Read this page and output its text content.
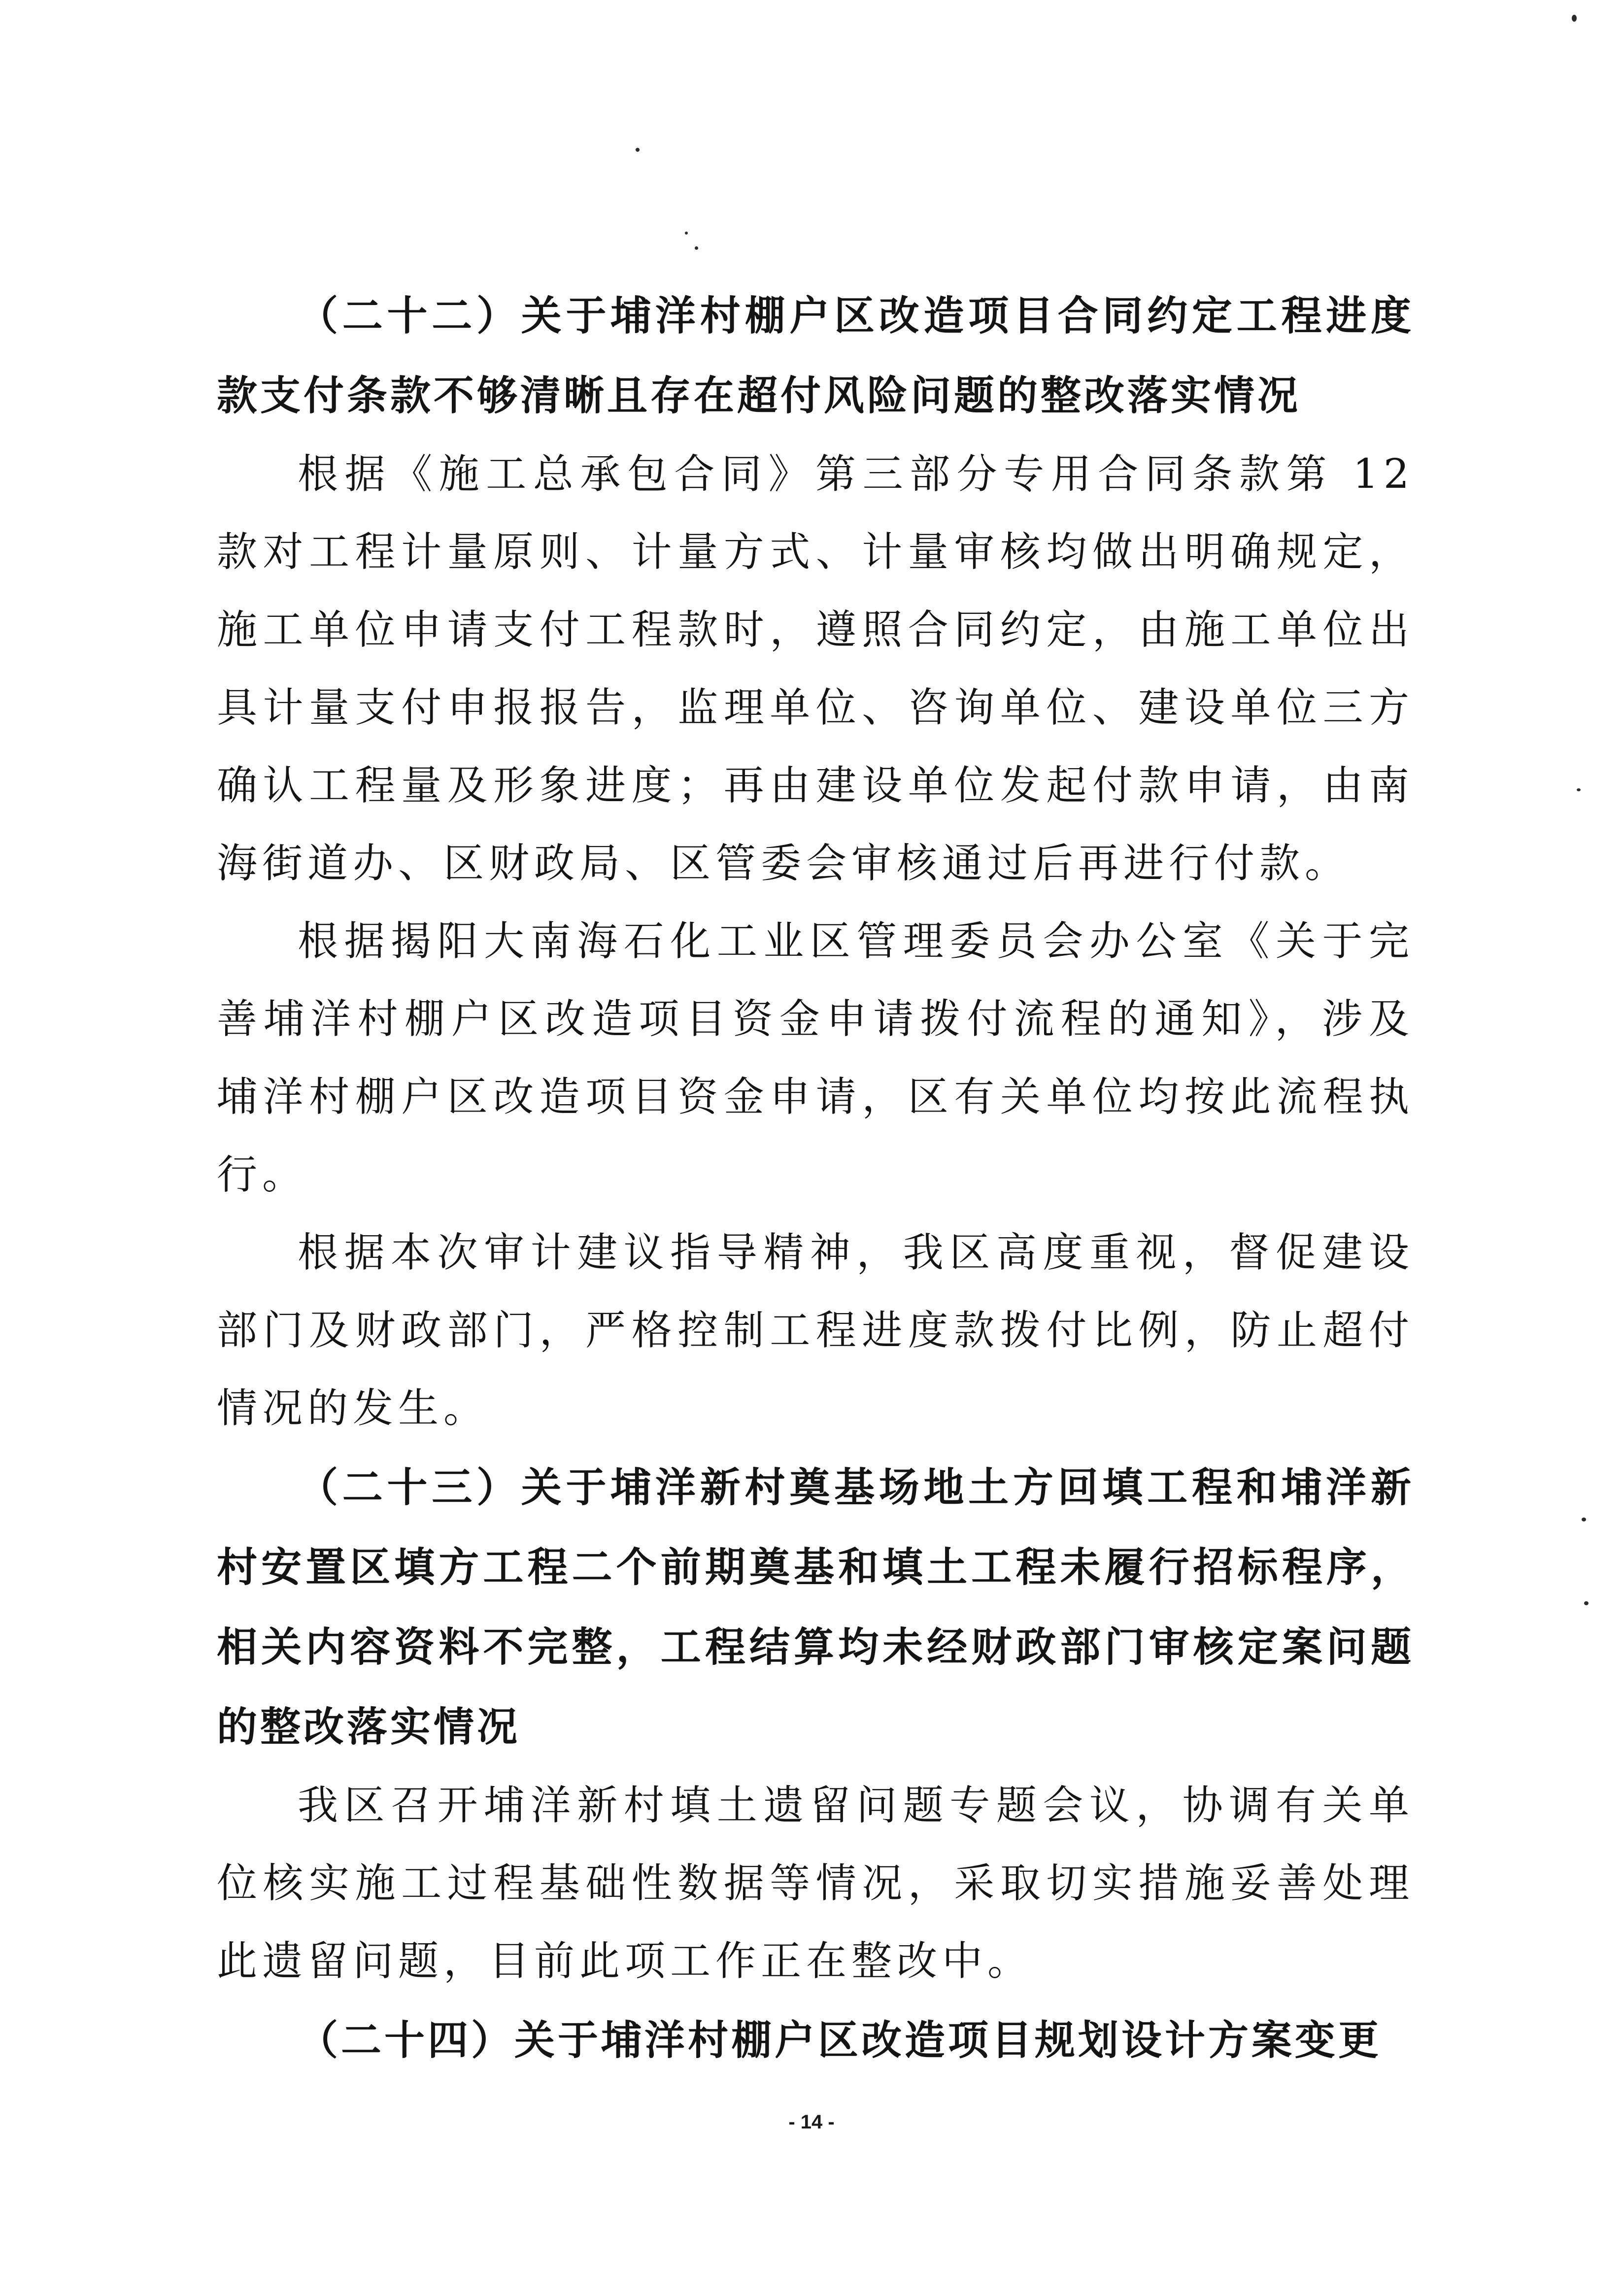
（二十二）关于埔洋村棚户区改造项目合同约定工程进度款支付条款不够清晰且存在超付风险问题的整改落实情况

根据《施工总承包合同》第三部分专用合同条款第 12 款对工程计量原则、计量方式、计量审核均做出明确规定，施工单位申请支付工程款时，遵照合同约定，由施工单位出具计量支付申报报告，监理单位、咨询单位、建设单位三方确认工程量及形象进度；再由建设单位发起付款申请，由南海街道办、区财政局、区管委会审核通过后再进行付款。

根据揭阳大南海石化工业区管理委员会办公室《关于完善埔洋村棚户区改造项目资金申请拨付流程的通知》，涉及埔洋村棚户区改造项目资金申请，区有关单位均按此流程执行。

根据本次审计建议指导精神，我区高度重视，督促建设部门及财政部门，严格控制工程进度款拨付比例，防止超付情况的发生。

（二十三）关于埔洋新村奠基场地土方回填工程和埔洋新村安置区填方工程二个前期奠基和填土工程未履行招标程序，相关内容资料不完整，工程结算均未经财政部门审核定案问题的整改落实情况

我区召开埔洋新村填土遗留问题专题会议，协调有关单位核实施工过程基础性数据等情况，采取切实措施妥善处理此遗留问题，目前此项工作正在整改中。

（二十四）关于埔洋村棚户区改造项目规划设计方案变更

- 14 -
